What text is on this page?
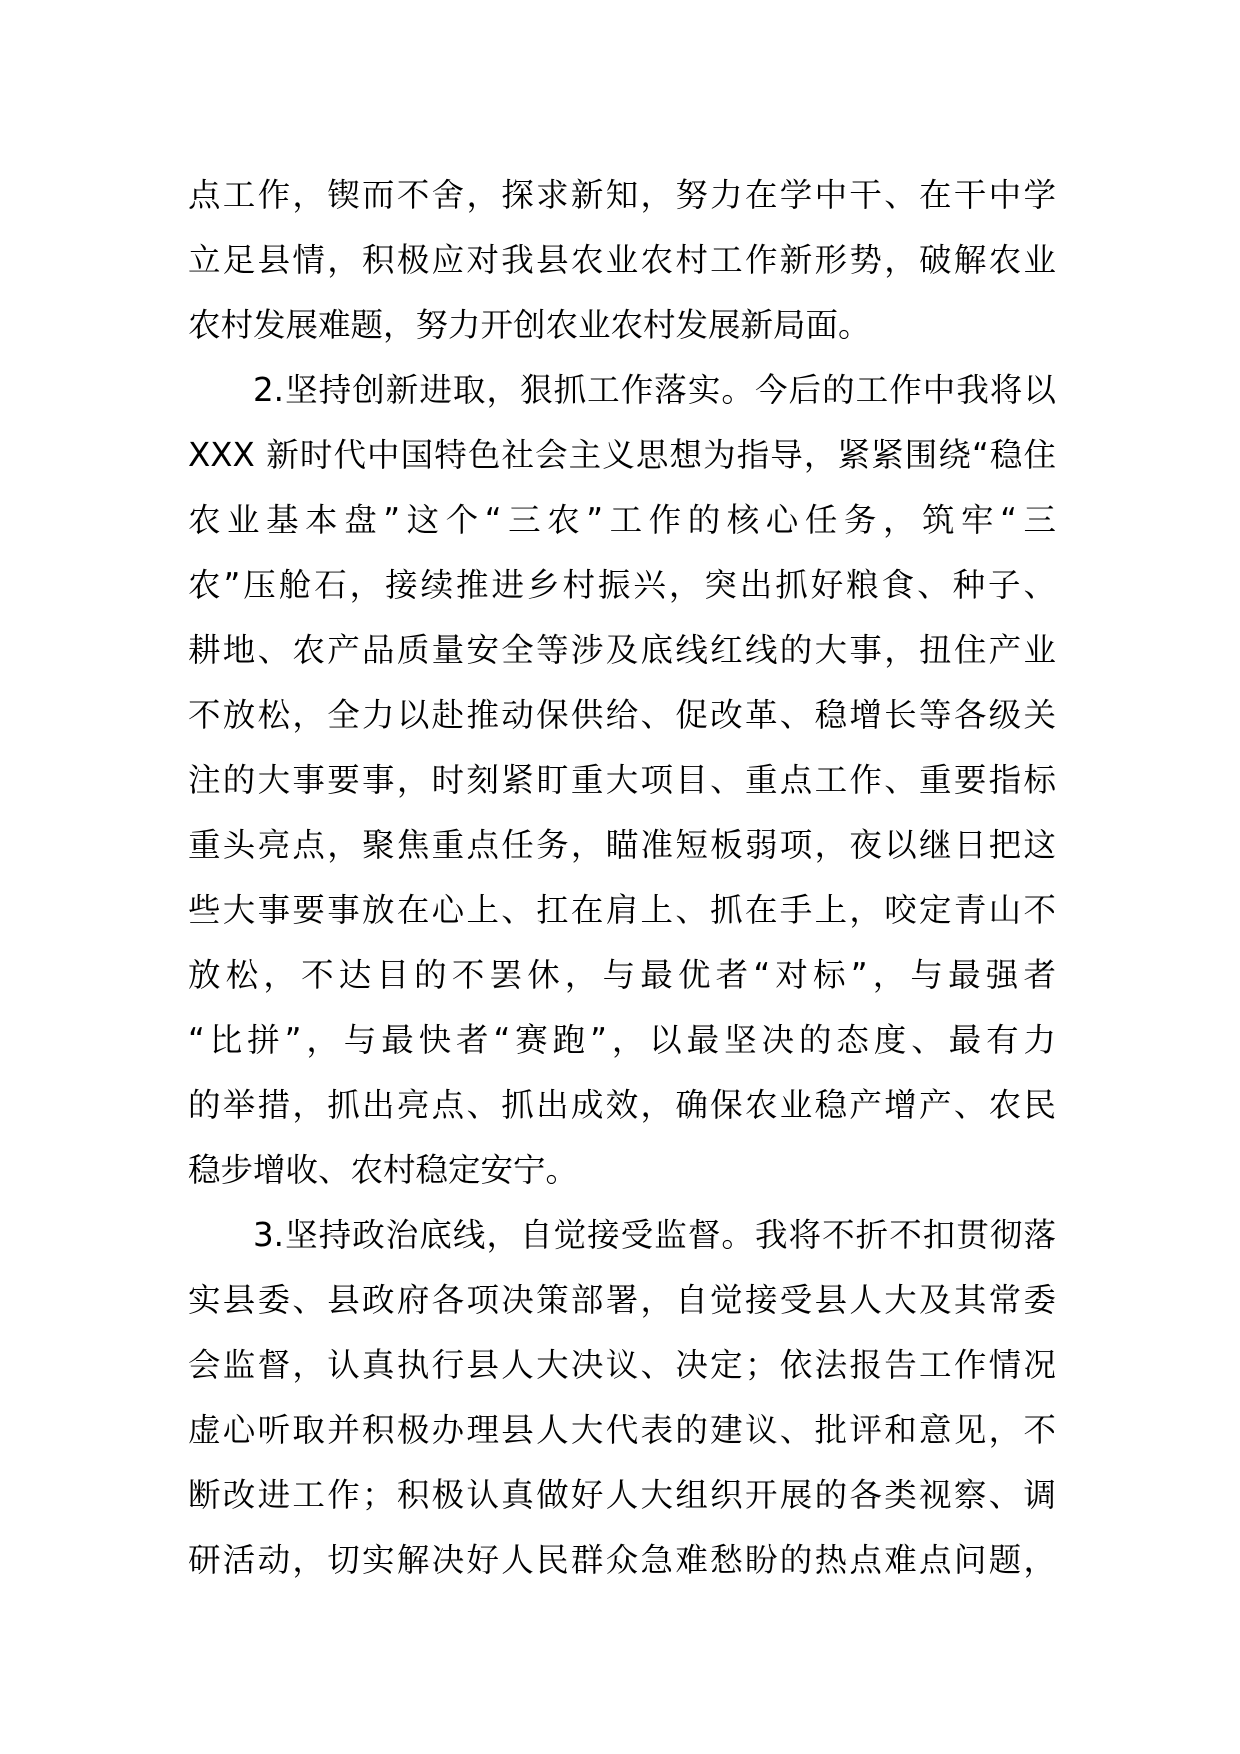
点工作，锲而不舍，探求新知，努力在学中干、在干中学
立足县情，积极应对我县农业农村工作新形势，破解农业
农村发展难题，努力开创农业农村发展新局面。
2.坚持创新进取，狠抓工作落实。今后的工作中我将以
XXX 新时代中国特色社会主义思想为指导，紧紧围绕“稳住
农业基本盘”这个“三农”工作的核心任务，筑牢“三
农”压舱石，接续推进乡村振兴，突出抓好粮食、种子、
耕地、农产品质量安全等涉及底线红线的大事，扭住产业
不放松，全力以赴推动保供给、促改革、稳增长等各级关
注的大事要事，时刻紧盯重大项目、重点工作、重要指标
重头亮点，聚焦重点任务，瞄准短板弱项，夜以继日把这
些大事要事放在心上、扛在肩上、抓在手上，咬定青山不
放松，不达目的不罢休，与最优者“对标”，与最强者
“比拼”，与最快者“赛跑”，以最坚决的态度、最有力
的举措，抓出亮点、抓出成效，确保农业稳产增产、农民
稳步增收、农村稳定安宁。
3.坚持政治底线，自觉接受监督。我将不折不扣贯彻落
实县委、县政府各项决策部署，自觉接受县人大及其常委
会监督，认真执行县人大决议、决定；依法报告工作情况
虚心听取并积极办理县人大代表的建议、批评和意见，不
断改进工作；积极认真做好人大组织开展的各类视察、调
研活动，切实解决好人民群众急难愁盼的热点难点问题，
